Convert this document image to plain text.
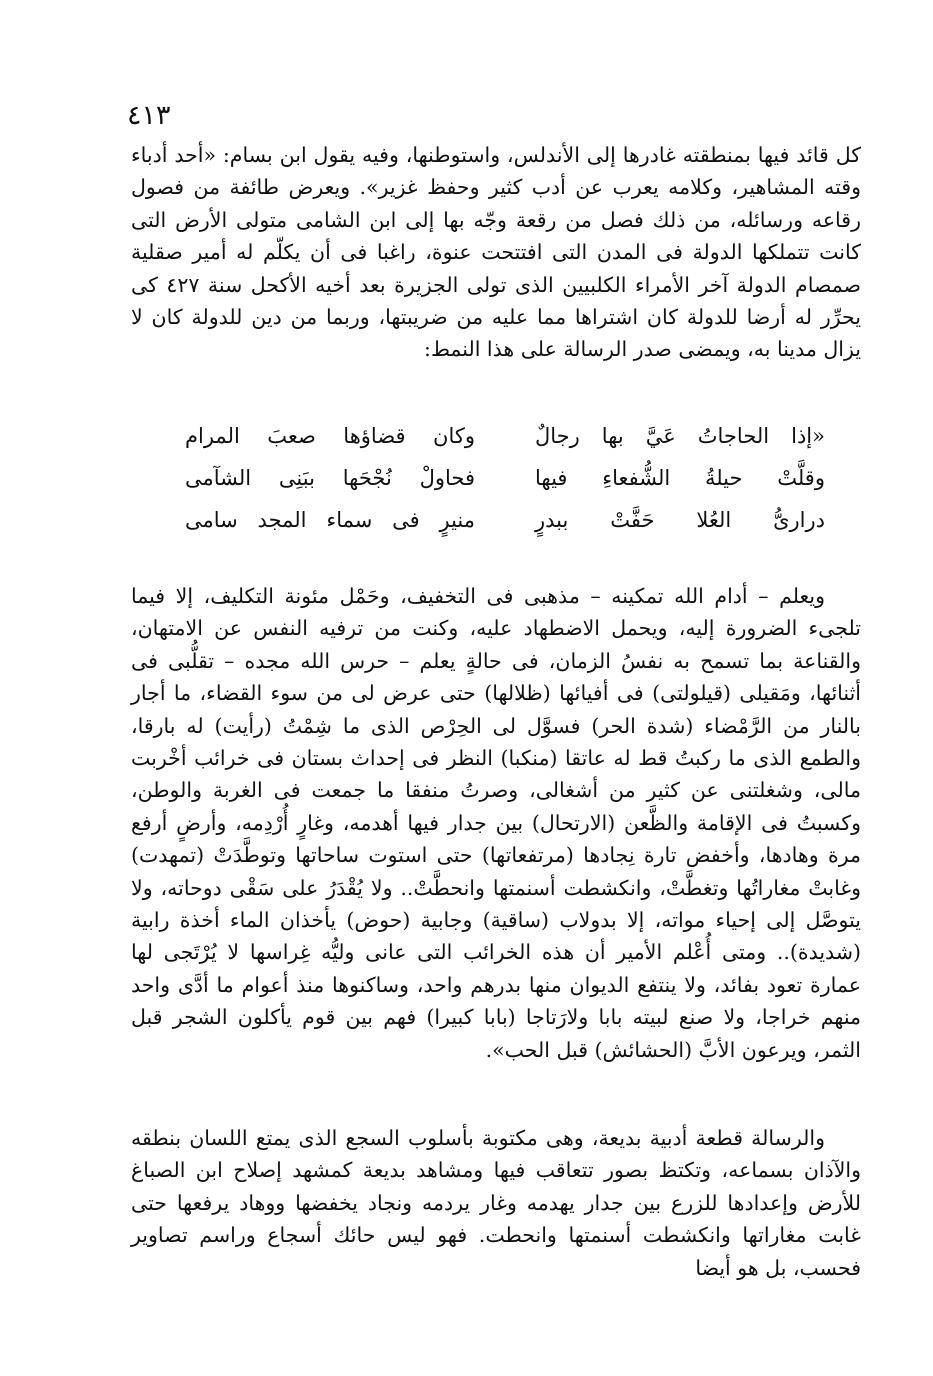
٤١٣

كل قائد فيها بمنطقته غادرها إلى الأندلس، واستوطنها، وفيه يقول ابن بسام: «أحد أدباء وقته المشاهير، وكلامه يعرب عن أدب كثير وحفظ غزير». ويعرض طائفة من فصول رقاعه ورسائله، من ذلك فصل من رقعة وجّه بها إلى ابن الشامى متولى الأرض التى كانت تتملكها الدولة فى المدن التى افتتحت عنوة، راغبا فى أن يكلّم له أمير صقلية صمصام الدولة آخر الأمراء الكلبيين الذى تولى الجزيرة بعد أخيه الأكحل سنة ٤٢٧ كى يحرِّر له أرضا للدولة كان اشتراها مما عليه من ضريبتها، وربما من دين للدولة كان لا يزال مدينا به، ويمضى صدر الرسالة على هذا النمط:

«إذا الحاجاتُ عَيَّ بها رجالٌ
وكان قضاؤها صعبَ المرام
وقلَّتْ حيلةُ الشُّفعاءِ فيها
فحاولْ نُجْحَها ببَنِى الشآمى
درارىُّ العُلا حَفَّتْ ببدرٍ
منيرٍ فى سماء المجد سامى

ويعلم – أدام الله تمكينه – مذهبى فى التخفيف، وحَمْل مئونة التكليف، إلا فيما تلجىء الضرورة إليه، ويحمل الاضطهاد عليه، وكنت من ترفيه النفس عن الامتهان، والقناعة بما تسمح به نفسُ الزمان، فى حالةٍ يعلم – حرس الله مجده – تقلُّبى فى أثنائها، ومَقيلى (قيلولتى) فى أفيائها (ظلالها) حتى عرض لى من سوء القضاء، ما أجار بالنار من الرَّمْضاء (شدة الحر) فسوَّل لى الحِرْص الذى ما شِمْتُ (رأيت) له بارقا، والطمع الذى ما ركبتُ قط له عاتقا (منكبا) النظر فى إحداث بستان فى خرائب أخْربت مالى، وشغلتنى عن كثير من أشغالى، وصرتُ منفقا ما جمعت فى الغربة والوطن، وكسبتُ فى الإقامة والظَّعن (الارتحال) بين جدار فيها أهدمه، وغارٍ أُرْدِمه، وأرضٍ أرفع مرة وهادها، وأخفض تارة نِجادها (مرتفعاتها) حتى استوت ساحاتها وتوطَّدَتْ (تمهدت) وغابتْ مغاراتُها وتغطَّتْ، وانكشطت أسنمتها وانحطَّتْ.. ولا يُقْدَرُ على سَقْى دوحاته، ولا يتوصَّل إلى إحياء مواته، إلا بدولاب (ساقية) وجابية (حوض) يأخذان الماء أخذة رابية (شديدة).. ومتى أُعْلم الأمير أن هذه الخرائب التى عانى وليُّه غِراسها لا يُرْتَجى لها عمارة تعود بفائد، ولا ينتفع الديوان منها بدرهم واحد، وساكنوها منذ أعوام ما أدَّى واحد منهم خراجا، ولا صنع لبيته بابا ولارَتاجا (بابا كبيرا) فهم بين قوم يأكلون الشجر قبل الثمر، ويرعون الأبَّ (الحشائش) قبل الحب».

والرسالة قطعة أدبية بديعة، وهى مكتوبة بأسلوب السجع الذى يمتع اللسان بنطقه والآذان بسماعه، وتكتظ بصور تتعاقب فيها ومشاهد بديعة كمشهد إصلاح ابن الصباغ للأرض وإعدادها للزرع بين جدار يهدمه وغار يردمه ونجاد يخفضها ووهاد يرفعها حتى غابت مغاراتها وانكشطت أسنمتها وانحطت. فهو ليس حائك أسجاع وراسم تصاوير فحسب، بل هو أيضا
